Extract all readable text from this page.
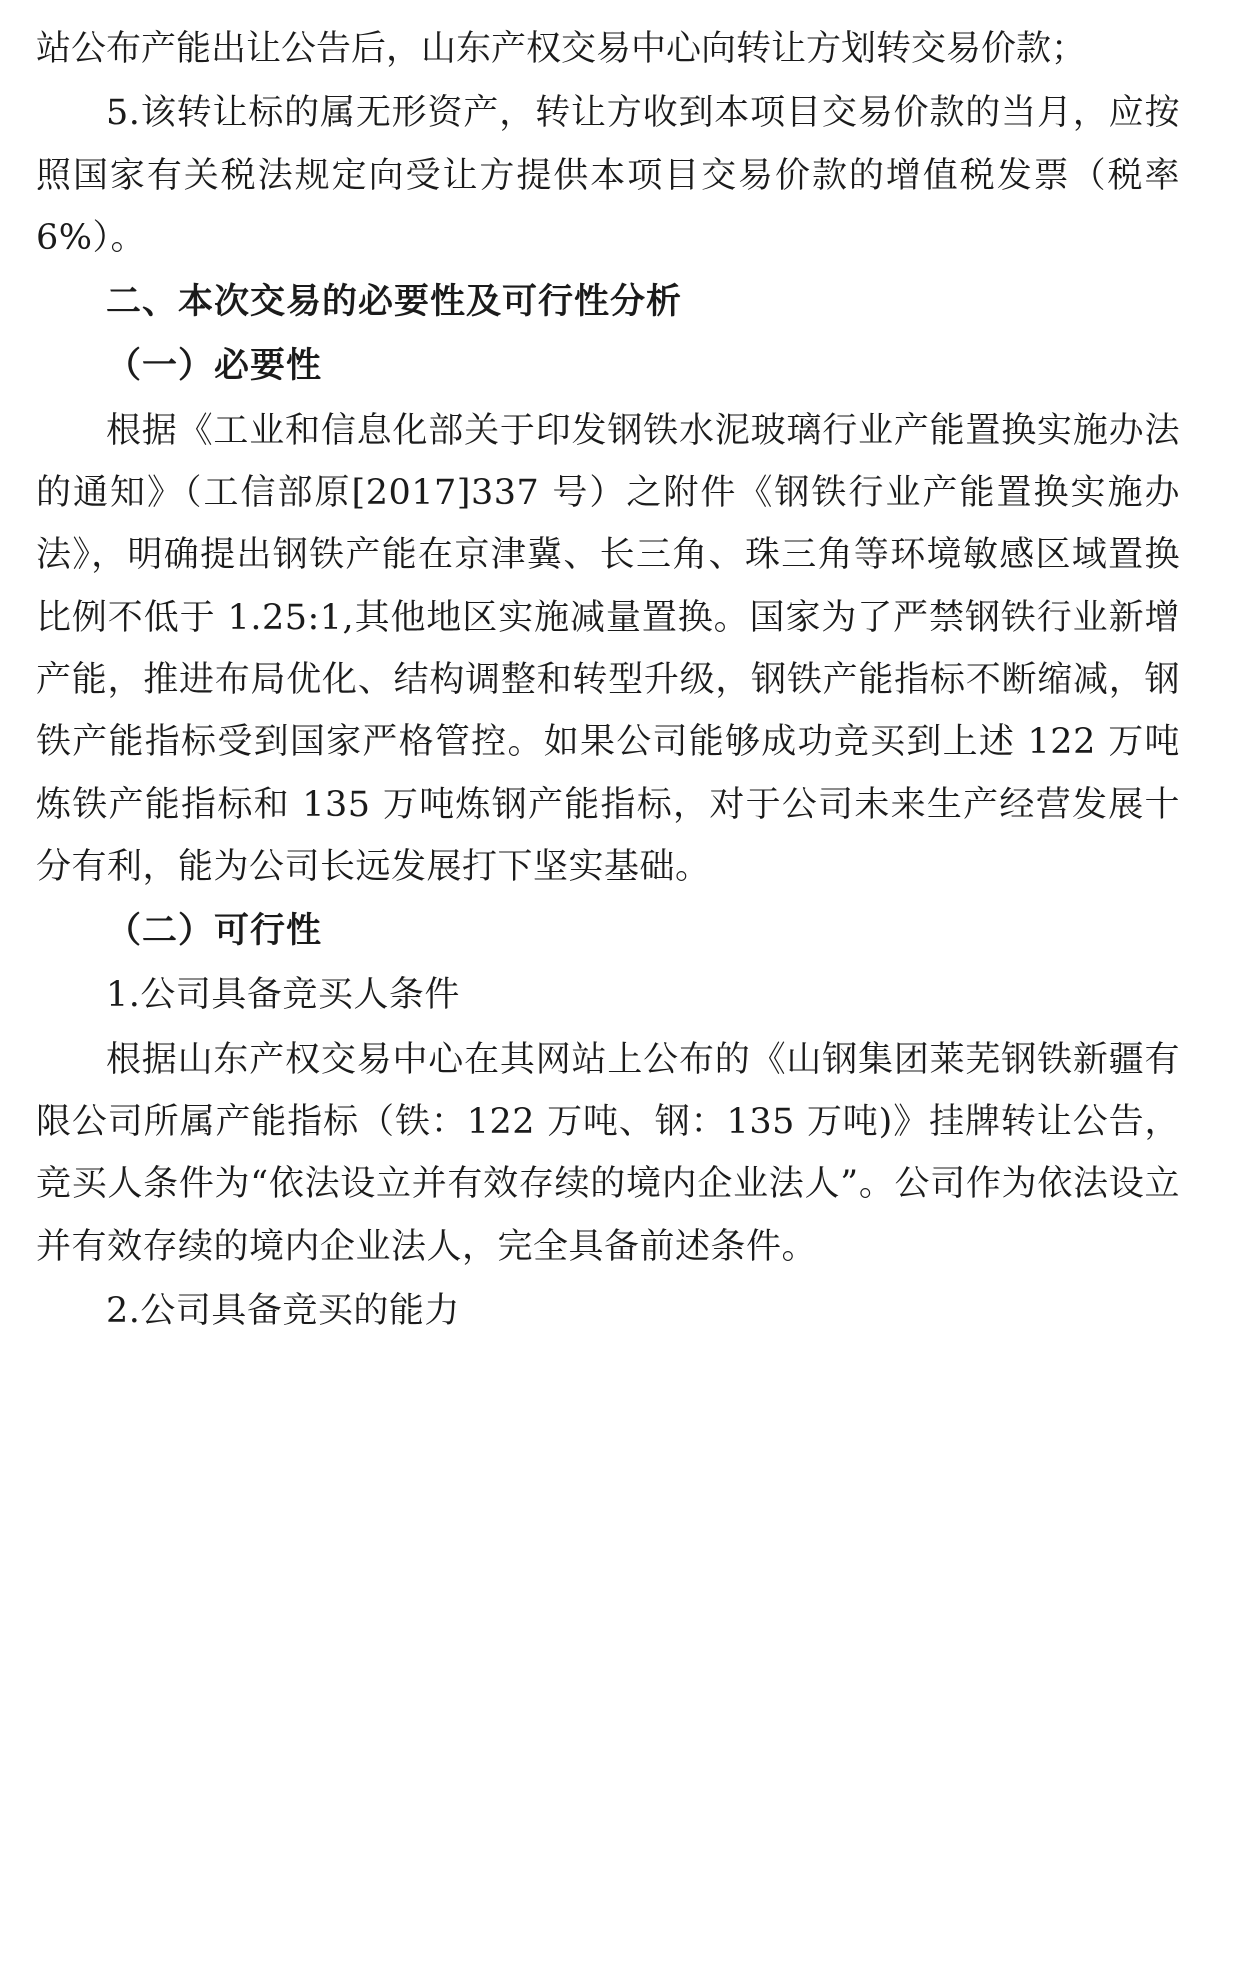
站公布产能出让公告后，山东产权交易中心向转让方划转交易价款；

5.该转让标的属无形资产，转让方收到本项目交易价款的当月，应按照国家有关税法规定向受让方提供本项目交易价款的增值税发票（税率 6%）。

二、本次交易的必要性及可行性分析

（一）必要性

根据《工业和信息化部关于印发钢铁水泥玻璃行业产能置换实施办法的通知》（工信部原[2017]337 号）之附件《钢铁行业产能置换实施办法》，明确提出钢铁产能在京津冀、长三角、珠三角等环境敏感区域置换比例不低于 1.25:1,其他地区实施减量置换。国家为了严禁钢铁行业新增产能，推进布局优化、结构调整和转型升级，钢铁产能指标不断缩减，钢铁产能指标受到国家严格管控。如果公司能够成功竞买到上述 122 万吨炼铁产能指标和 135 万吨炼钢产能指标，对于公司未来生产经营发展十分有利，能为公司长远发展打下坚实基础。

（二）可行性

1.公司具备竞买人条件

根据山东产权交易中心在其网站上公布的《山钢集团莱芜钢铁新疆有限公司所属产能指标（铁：122 万吨、钢：135 万吨)》挂牌转让公告，竞买人条件为“依法设立并有效存续的境内企业法人”。公司作为依法设立并有效存续的境内企业法人，完全具备前述条件。

2.公司具备竞买的能力
